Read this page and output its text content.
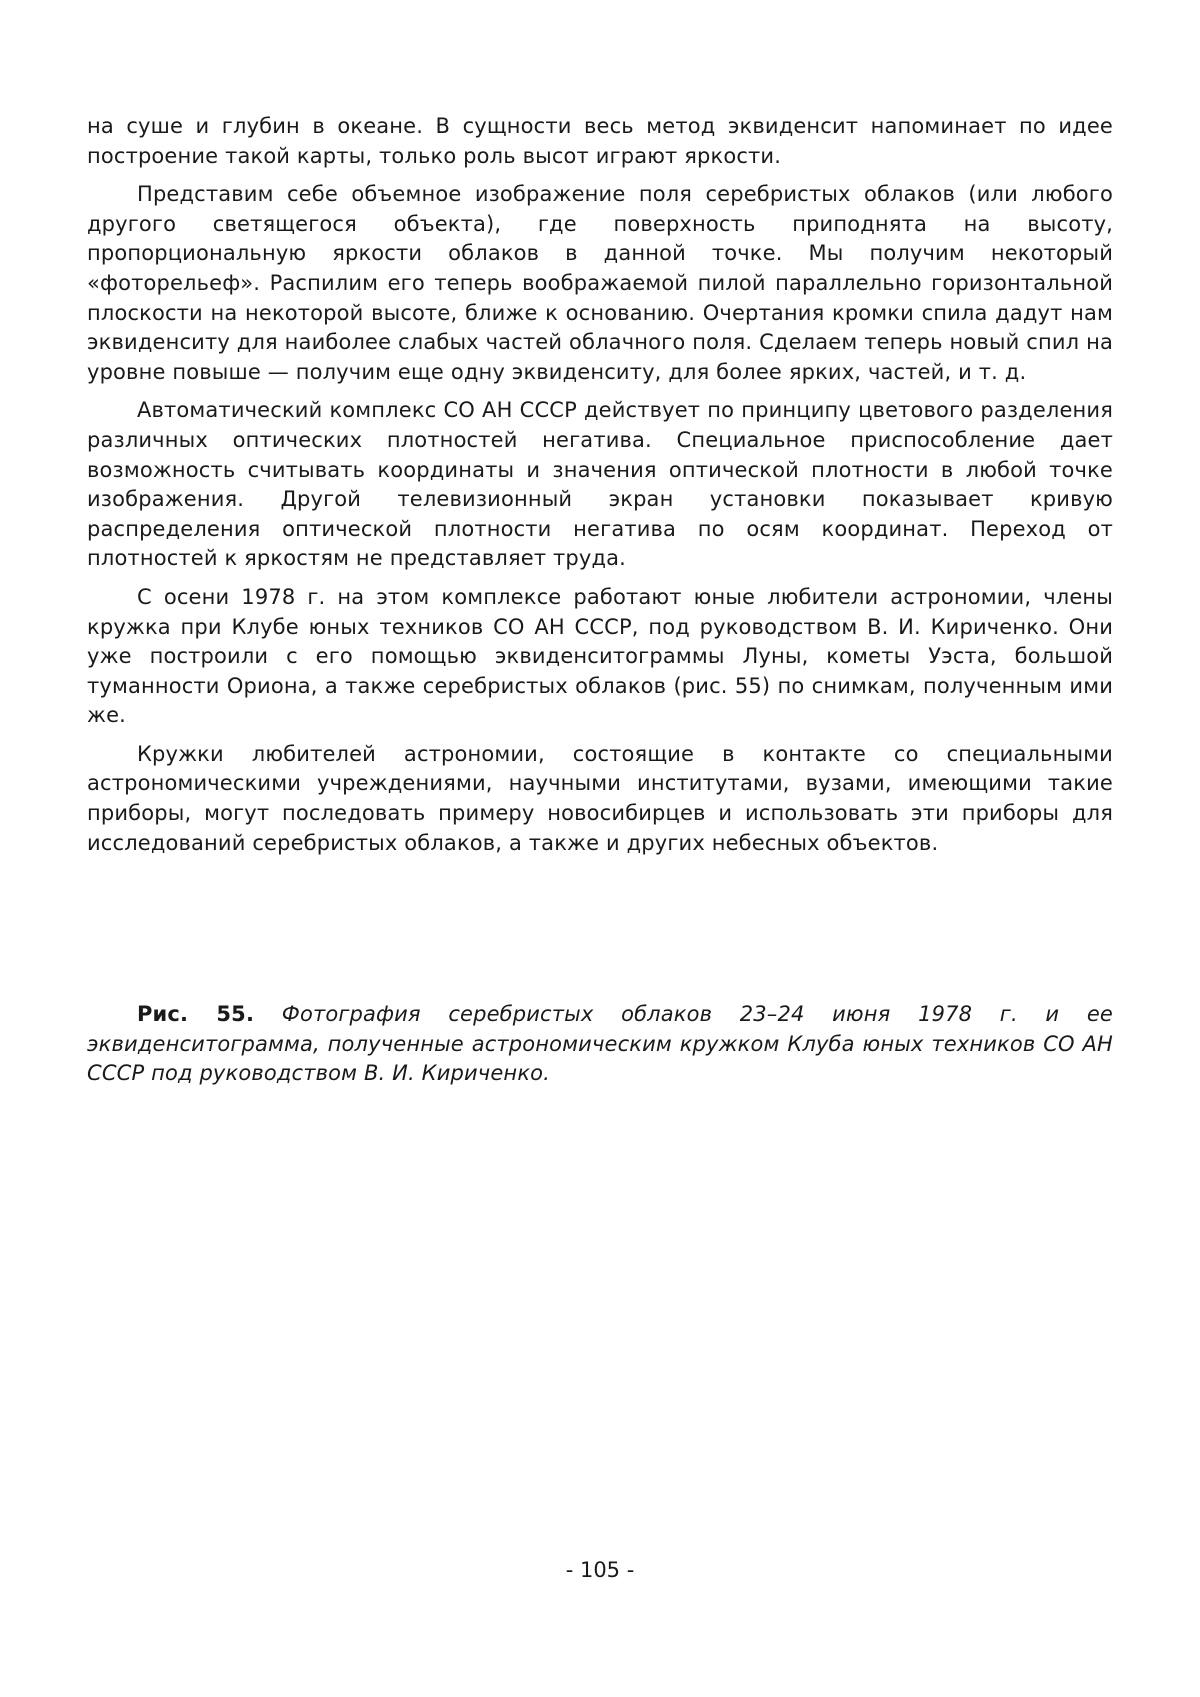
на суше и глубин в океане. В сущности весь метод эквиденсит напоминает по идее построение такой карты, только роль высот играют яркости.

Представим себе объемное изображение поля серебристых облаков (или любого другого светящегося объекта), где поверхность приподнята на высоту, пропорциональную яркости облаков в данной точке. Мы получим некоторый «фоторельеф». Распилим его теперь воображаемой пилой параллельно горизонтальной плоскости на некоторой высоте, ближе к основанию. Очертания кромки спила дадут нам эквиденситу для наиболее слабых частей облачного поля. Сделаем теперь новый спил на уровне повыше — получим еще одну эквиденситу, для более ярких, частей, и т. д.

Автоматический комплекс СО АН СССР действует по принципу цветового разделения различных оптических плотностей негатива. Специальное приспособление дает возможность считывать координаты и значения оптической плотности в любой точке изображения. Другой телевизионный экран установки показывает кривую распределения оптической плотности негатива по осям координат. Переход от плотностей к яркостям не представляет труда.

С осени 1978 г. на этом комплексе работают юные любители астрономии, члены кружка при Клубе юных техников СО АН СССР, под руководством В. И. Кириченко. Они уже построили с его помощью эквиденситограммы Луны, кометы Уэста, большой туманности Ориона, а также серебристых облаков (рис. 55) по снимкам, полученным ими же.

Кружки любителей астрономии, состоящие в контакте со специальными астрономическими учреждениями, научными институтами, вузами, имеющими такие приборы, могут последовать примеру новосибирцев и использовать эти приборы для исследований серебристых облаков, а также и других небесных объектов.

Рис. 55. Фотография серебристых облаков 23–24 июня 1978 г. и ее эквиденситограмма, полученные астрономическим кружком Клуба юных техников СО АН СССР под руководством В. И. Кириченко.

- 105 -
